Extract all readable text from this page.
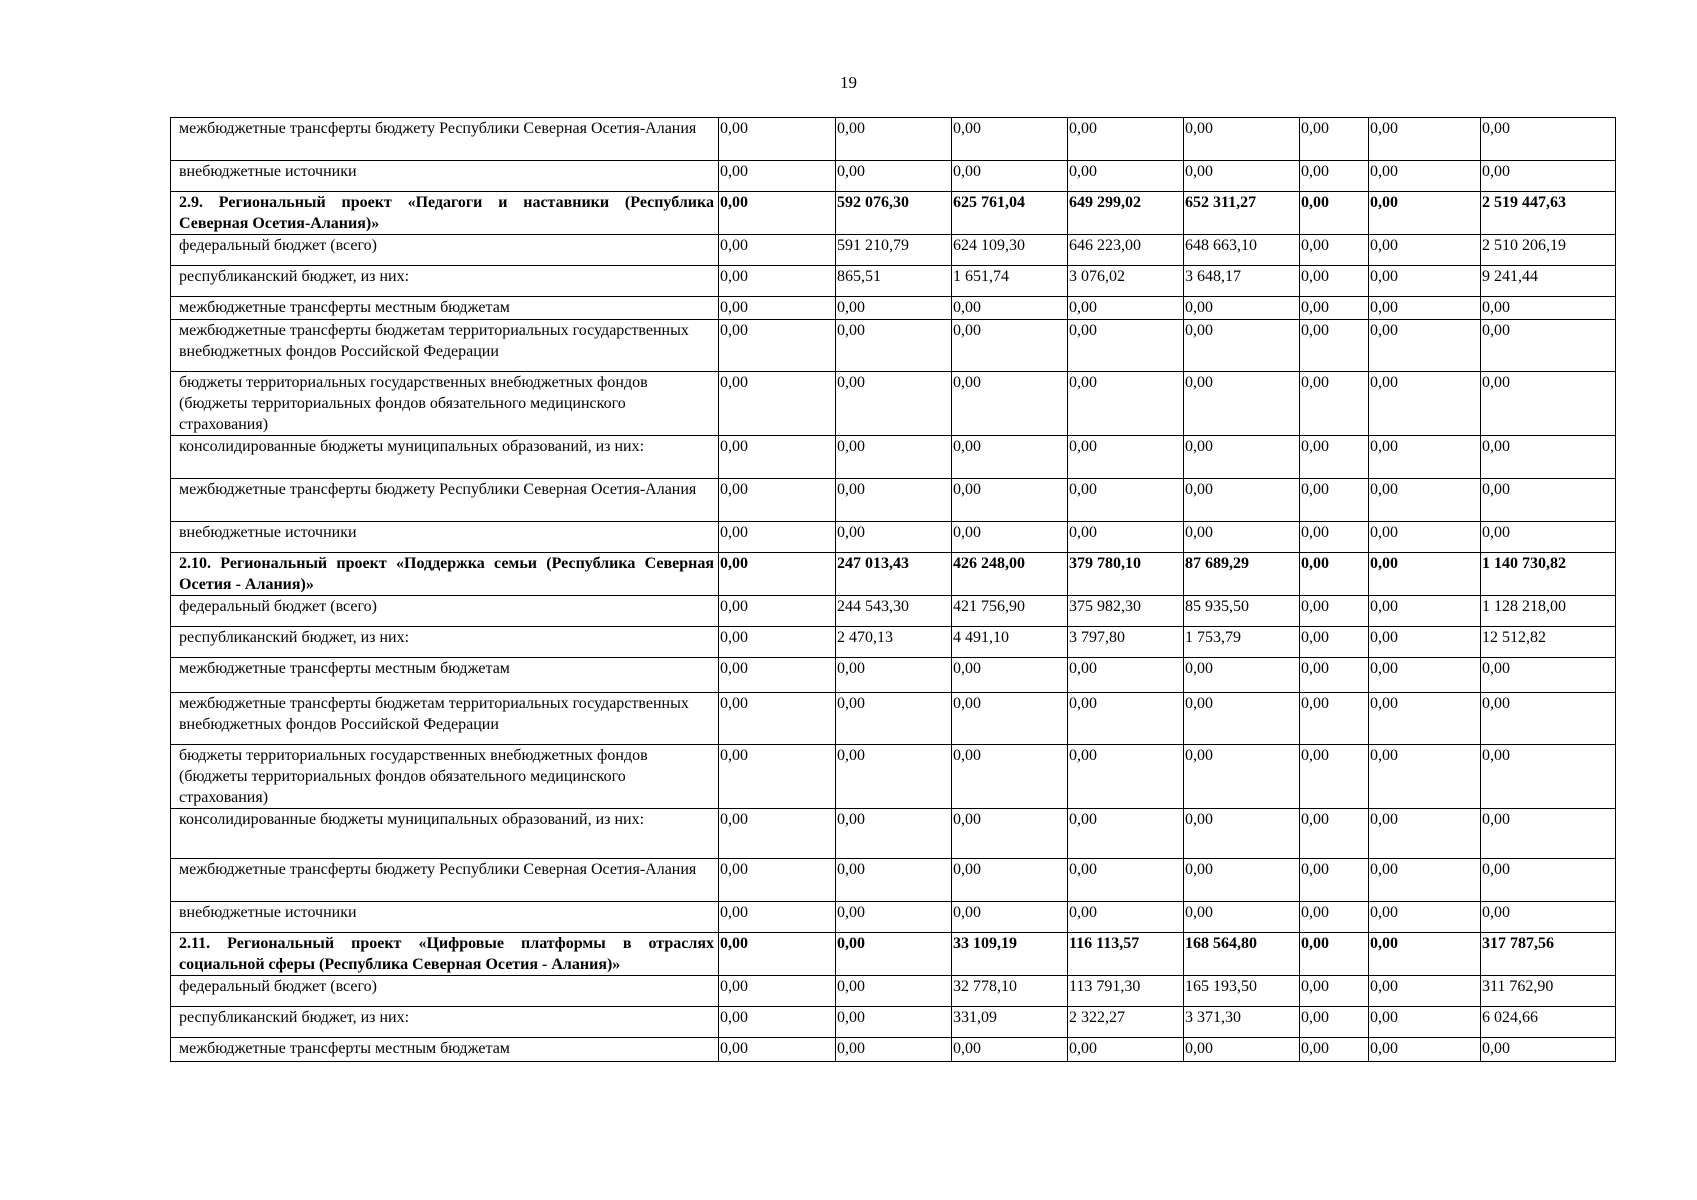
19
межбюджетные трансферты бюджету Республики Северная Осетия-Алания	0,00	0,00	0,00	0,00	0,00	0,00	0,00	0,00
внебюджетные источники	0,00	0,00	0,00	0,00	0,00	0,00	0,00	0,00
2.9. Региональный проект «Педагоги и наставники (Республика Северная Осетия-Алания)»	0,00	592 076,30	625 761,04	649 299,02	652 311,27	0,00	0,00	2 519 447,63
федеральный бюджет (всего)	0,00	591 210,79	624 109,30	646 223,00	648 663,10	0,00	0,00	2 510 206,19
республиканский бюджет, из них:	0,00	865,51	1 651,74	3 076,02	3 648,17	0,00	0,00	9 241,44
межбюджетные трансферты местным бюджетам	0,00	0,00	0,00	0,00	0,00	0,00	0,00	0,00
межбюджетные трансферты бюджетам территориальных государственных внебюджетных фондов Российской Федерации	0,00	0,00	0,00	0,00	0,00	0,00	0,00	0,00
бюджеты территориальных государственных внебюджетных фондов (бюджеты территориальных фондов обязательного медицинского страхования)	0,00	0,00	0,00	0,00	0,00	0,00	0,00	0,00
консолидированные бюджеты муниципальных образований, из них:	0,00	0,00	0,00	0,00	0,00	0,00	0,00	0,00
межбюджетные трансферты бюджету Республики Северная Осетия-Алания	0,00	0,00	0,00	0,00	0,00	0,00	0,00	0,00
внебюджетные источники	0,00	0,00	0,00	0,00	0,00	0,00	0,00	0,00
2.10. Региональный проект «Поддержка семьи (Республика Северная Осетия - Алания)»	0,00	247 013,43	426 248,00	379 780,10	87 689,29	0,00	0,00	1 140 730,82
федеральный бюджет (всего)	0,00	244 543,30	421 756,90	375 982,30	85 935,50	0,00	0,00	1 128 218,00
республиканский бюджет, из них:	0,00	2 470,13	4 491,10	3 797,80	1 753,79	0,00	0,00	12 512,82
межбюджетные трансферты местным бюджетам	0,00	0,00	0,00	0,00	0,00	0,00	0,00	0,00
межбюджетные трансферты бюджетам территориальных государственных внебюджетных фондов Российской Федерации	0,00	0,00	0,00	0,00	0,00	0,00	0,00	0,00
бюджеты территориальных государственных внебюджетных фондов (бюджеты территориальных фондов обязательного медицинского страхования)	0,00	0,00	0,00	0,00	0,00	0,00	0,00	0,00
консолидированные бюджеты муниципальных образований, из них:	0,00	0,00	0,00	0,00	0,00	0,00	0,00	0,00
межбюджетные трансферты бюджету Республики Северная Осетия-Алания	0,00	0,00	0,00	0,00	0,00	0,00	0,00	0,00
внебюджетные источники	0,00	0,00	0,00	0,00	0,00	0,00	0,00	0,00
2.11. Региональный проект «Цифровые платформы в отраслях социальной сферы (Республика Северная Осетия - Алания)»	0,00	0,00	33 109,19	116 113,57	168 564,80	0,00	0,00	317 787,56
федеральный бюджет (всего)	0,00	0,00	32 778,10	113 791,30	165 193,50	0,00	0,00	311 762,90
республиканский бюджет, из них:	0,00	0,00	331,09	2 322,27	3 371,30	0,00	0,00	6 024,66
межбюджетные трансферты местным бюджетам	0,00	0,00	0,00	0,00	0,00	0,00	0,00	0,00
